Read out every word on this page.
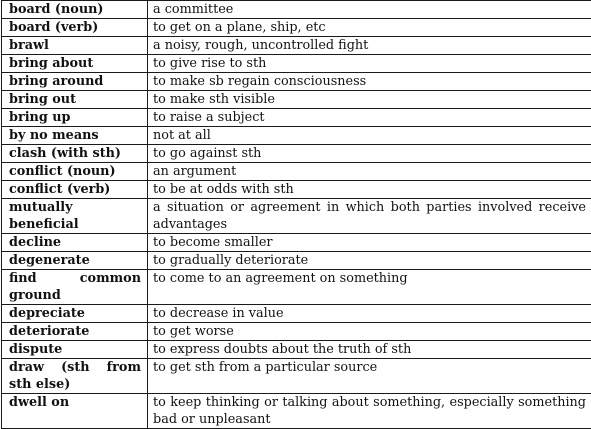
board (noun)	a committee
board (verb)	to get on a plane, ship, etc
brawl	a noisy, rough, uncontrolled fight
bring about	to give rise to sth
bring around	to make sb regain consciousness
bring out	to make sth visible
bring up	to raise a subject
by no means	not at all
clash (with sth)	to go against sth
conflict (noun)	an argument
conflict (verb)	to be at odds with sth
mutually beneficial	a situation or agreement in which both parties involved receive advantages
decline	to become smaller
degenerate	to gradually deteriorate
find common ground	to come to an agreement on something
depreciate	to decrease in value
deteriorate	to get worse
dispute	to express doubts about the truth of sth
draw (sth from sth else)	to get sth from a particular source
dwell on	to keep thinking or talking about something, especially something bad or unpleasant
